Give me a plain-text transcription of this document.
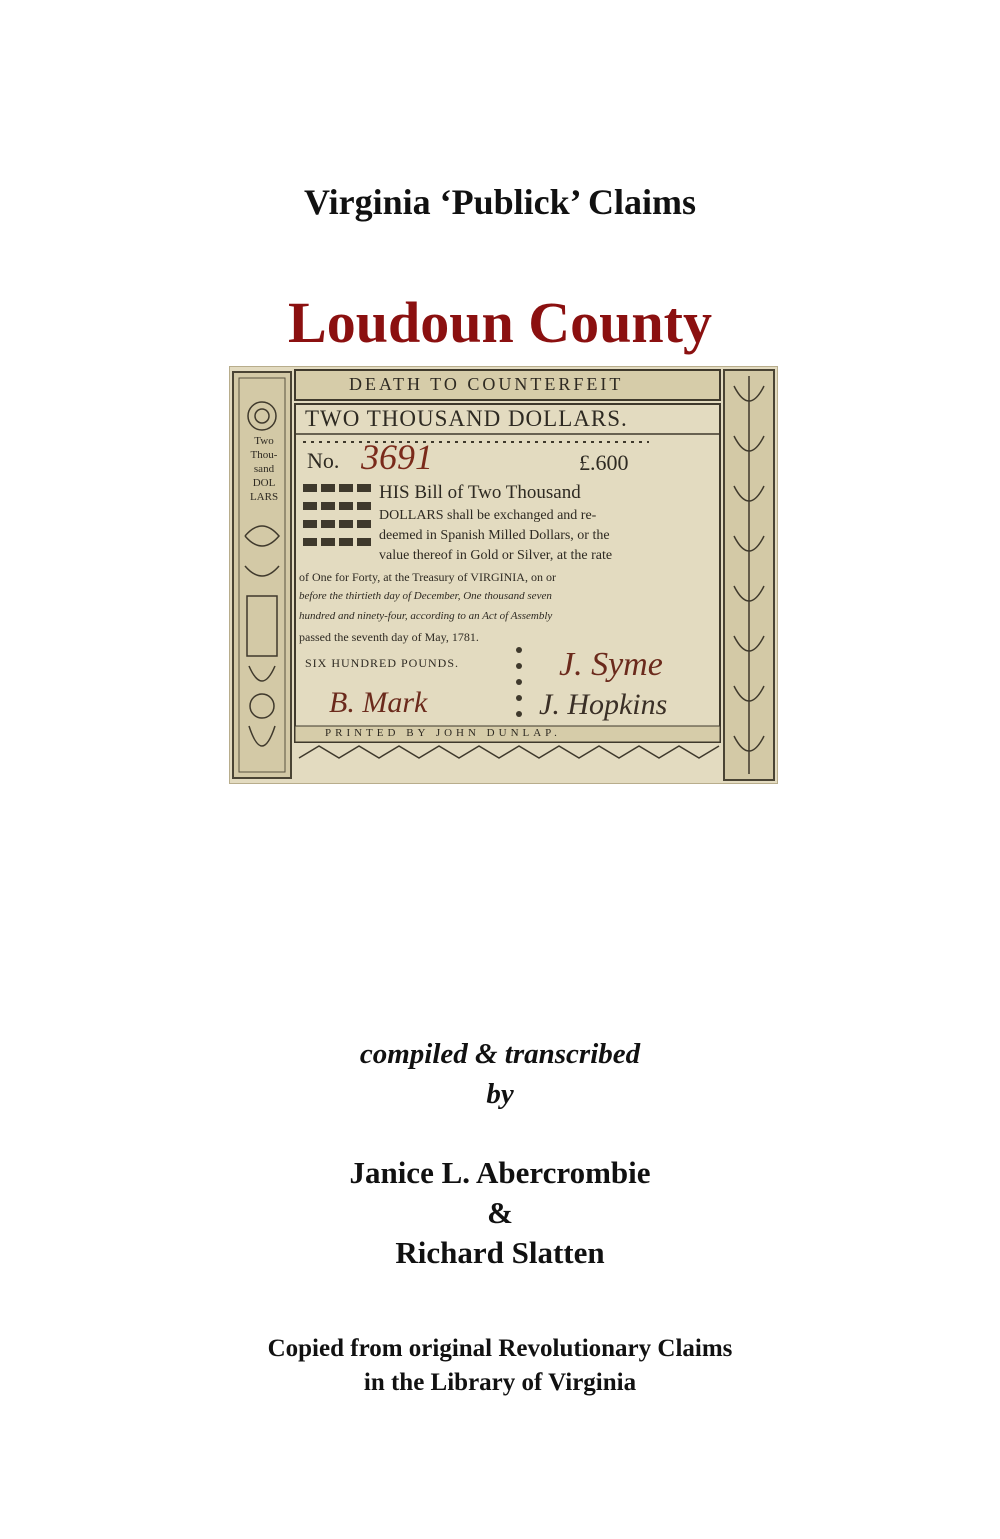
Virginia ‘Publick’ Claims
Loudoun County
DEATH TO COUNTERFEIT
TWO THOUSAND DOLLARS.
No. 3691	£.600
Two
Thou-
sand
DOL
LARS	HIS Bill of Two Thousand
DOLLARS shall be exchanged and re-
deemed in Spanish Milled Dollars, or the
value thereof in Gold or Silver, at the rate
of One for Forty, at the Treasury of VIRGINIA, on or
before the thirtieth day of December, One thousand seven
hundred and ninety-four, according to an Act of Assembly
passed the seventh day of May, 1781.
SIX HUNDRED POUNDS.
B. Mark
J. Syme
J. Hopkins
PRINTED BY JOHN DUNLAP.
compiled & transcribed
by
Janice L. Abercrombie
&
Richard Slatten
Copied from original Revolutionary Claims
in the Library of Virginia
